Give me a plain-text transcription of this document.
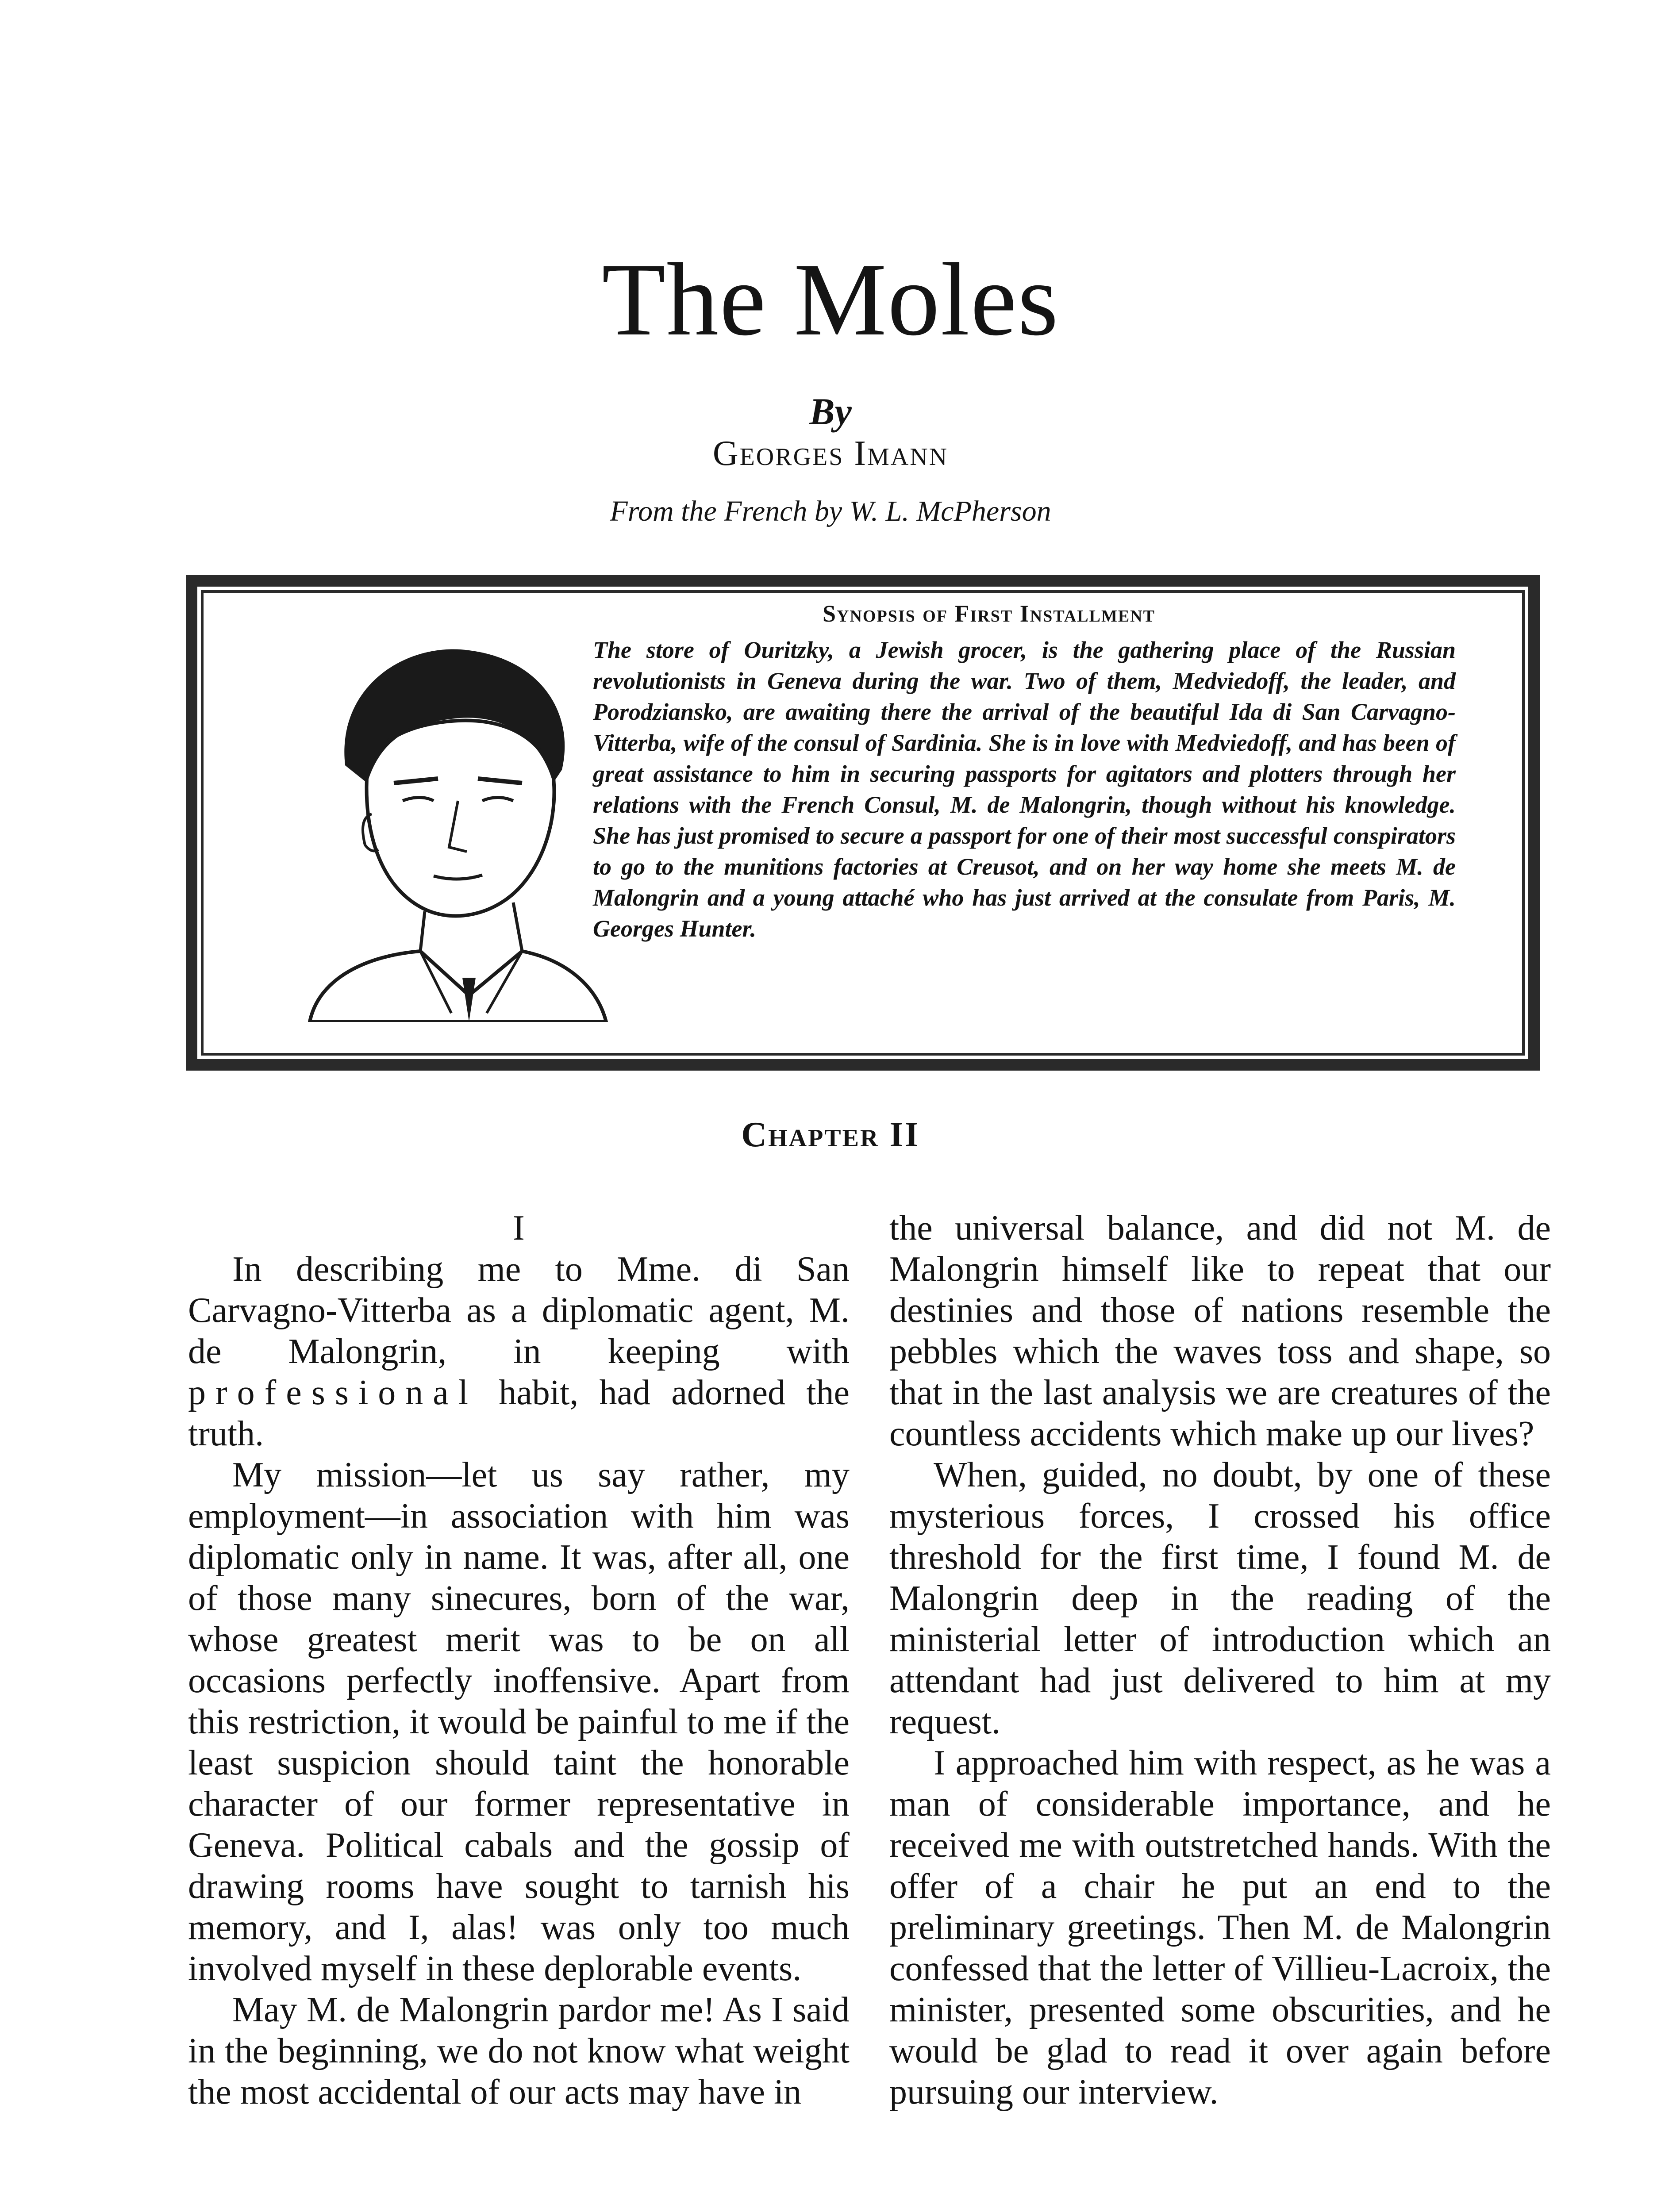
The Moles
By
Georges Imann
From the French by W. L. McPherson
Synopsis of First Installment
The store of Ouritzky, a Jewish grocer, is the gathering place of the Russian revolutionists in Geneva during the war. Two of them, Medviedoff, the leader, and Porodziansko, are awaiting there the arrival of the beautiful Ida di San Carvagno-Vitterba, wife of the consul of Sardinia. She is in love with Medviedoff, and has been of great assistance to him in securing passports for agitators and plotters through her relations with the French Consul, M. de Malongrin, though without his knowledge. She has just promised to secure a passport for one of their most successful conspirators to go to the munitions factories at Creusot, and on her way home she meets M. de Malongrin and a young attaché who has just arrived at the consulate from Paris, M. Georges Hunter.
Chapter II

I

In describing me to Mme. di San Carvagno-Vitterba as a diplomatic agent, M. de Malongrin, in keeping with professional habit, had adorned the truth.

My mission—let us say rather, my employment—in association with him was diplomatic only in name. It was, after all, one of those many sinecures, born of the war, whose greatest merit was to be on all occasions perfectly inoffensive. Apart from this restriction, it would be painful to me if the least suspicion should taint the honorable character of our former representative in Geneva. Political cabals and the gossip of drawing rooms have sought to tarnish his memory, and I, alas! was only too much involved myself in these deplorable events.

May M. de Malongrin pardor me! As I said in the beginning, we do not know what weight the most accidental of our acts may have in

the universal balance, and did not M. de Malongrin himself like to repeat that our destinies and those of nations resemble the pebbles which the waves toss and shape, so that in the last analysis we are creatures of the countless accidents which make up our lives?

When, guided, no doubt, by one of these mysterious forces, I crossed his office threshold for the first time, I found M. de Malongrin deep in the reading of the ministerial letter of introduction which an attendant had just delivered to him at my request.

I approached him with respect, as he was a man of considerable importance, and he received me with outstretched hands. With the offer of a chair he put an end to the preliminary greetings. Then M. de Malongrin confessed that the letter of Villieu-Lacroix, the minister, presented some obscurities, and he would be glad to read it over again before pursuing our interview.
